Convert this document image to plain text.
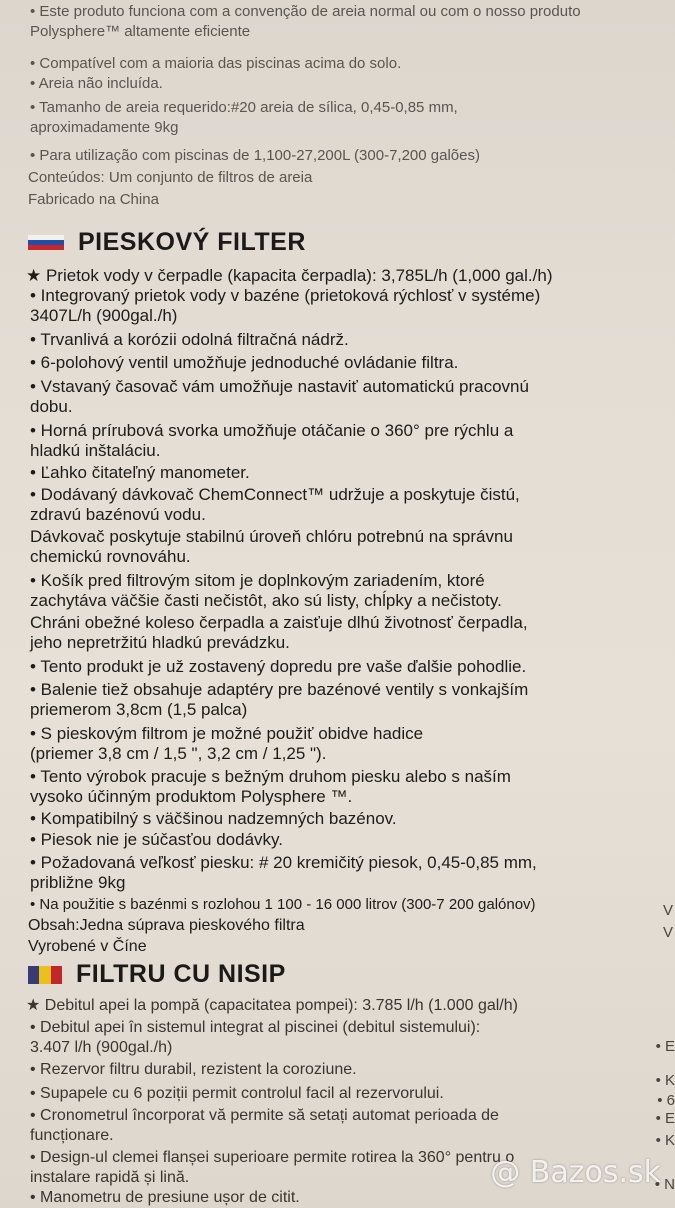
• Este produto funciona com a convenção de areia normal ou com o nosso produto
Polysphere™ altamente eficiente
• Compatível com a maioria das piscinas acima do solo.
• Areia não incluída.
• Tamanho de areia requerido:#20 areia de sílica, 0,45-0,85 mm,
aproximadamente 9kg
• Para utilização com piscinas de 1,100-27,200L (300-7,200 galões)
Conteúdos: Um conjunto de filtros de areia
Fabricado na China
PIESKOVÝ FILTER
★ Prietok vody v čerpadle (kapacita čerpadla): 3,785L/h (1,000 gal./h)
• Integrovaný prietok vody v bazéne (prietoková rýchlosť v systéme)
3407L/h (900gal./h)
• Trvanlivá a korózii odolná filtračná nádrž.
• 6-polohový ventil umožňuje jednoduché ovládanie filtra.
• Vstavaný časovač vám umožňuje nastaviť automatickú pracovnú
dobu.
• Horná prírubová svorka umožňuje otáčanie o 360° pre rýchlu a
hladkú inštaláciu.
• Ľahko čitateľný manometer.
• Dodávaný dávkovač ChemConnect™ udržuje a poskytuje čistú,
zdravú bazénovú vodu.
Dávkovač poskytuje stabilnú úroveň chlóru potrebnú na správnu
chemickú rovnováhu.
• Košík pred filtrovým sitom je doplnkovým zariadením, ktoré
zachytáva väčšie časti nečistôt, ako sú listy, chĺpky a nečistoty.
Chráni obežné koleso čerpadla a zaisťuje dlhú životnosť čerpadla,
jeho nepretržitú hladkú prevádzku.
• Tento produkt je už zostavený dopredu pre vaše ďalšie pohodlie.
• Balenie tiež obsahuje adaptéry pre bazénové ventily s vonkajším
priemerom 3,8cm (1,5 palca)
• S pieskovým filtrom je možné použiť obidve hadice
(priemer 3,8 cm / 1,5 ", 3,2 cm / 1,25 ").
• Tento výrobok pracuje s bežným druhom piesku alebo s naším
vysoko účinným produktom Polysphere ™.
• Kompatibilný s väčšinou nadzemných bazénov.
• Piesok nie je súčasťou dodávky.
• Požadovaná veľkosť piesku: # 20 kremičitý piesok, 0,45-0,85 mm,
približne 9kg
• Na použitie s bazénmi s rozlohou 1 100 - 16 000 litrov (300-7 200 galónov)
Obsah:Jedna súprava pieskového filtra
Vyrobené v Číne
FILTRU CU NISIP
★ Debitul apei la pompă (capacitatea pompei): 3.785 l/h (1.000 gal/h)
• Debitul apei în sistemul integrat al piscinei (debitul sistemului):
3.407 l/h (900gal./h)
• Rezervor filtru durabil, rezistent la coroziune.
• Supapele cu 6 poziții permit controlul facil al rezervorului.
• Cronometrul încorporat vă permite să setați automat perioada de
funcționare.
• Design-ul clemei flanșei superioare permite rotirea la 360° pentru o
instalare rapidă și lină.
• Manometru de presiune ușor de citit.
V
V
• E
• K
• 6
• E
• K
• N
@ Bazos.sk
